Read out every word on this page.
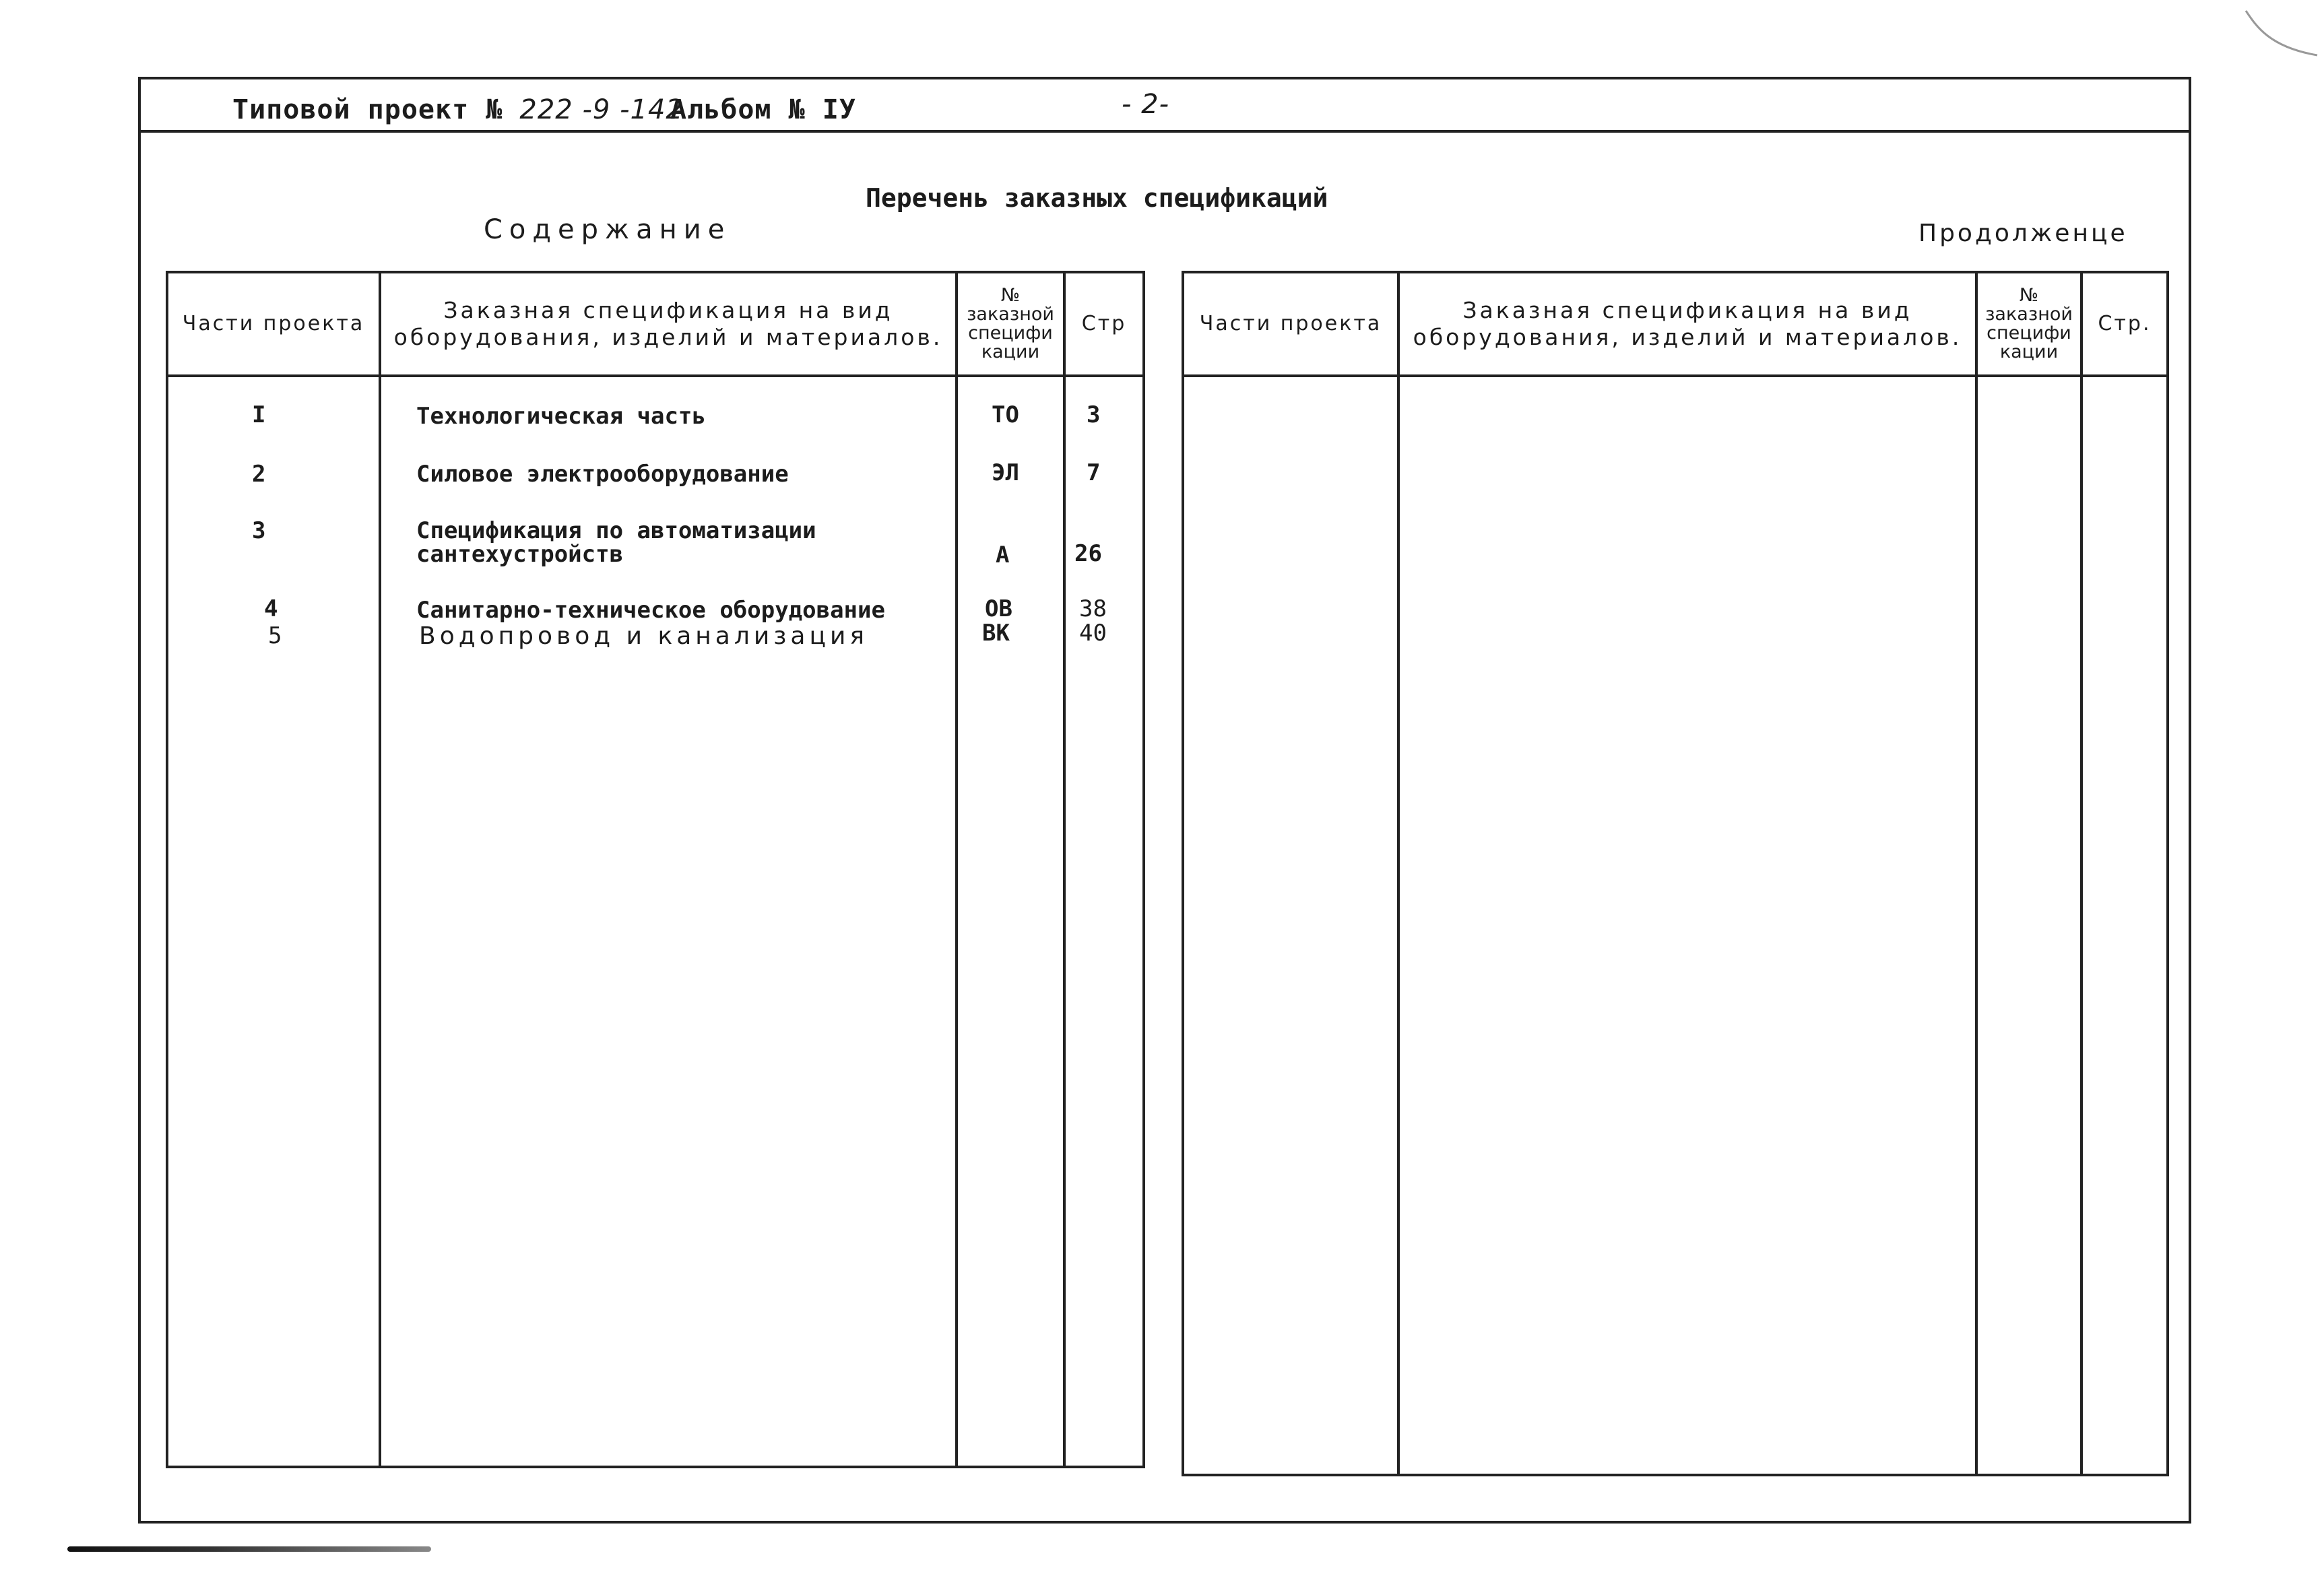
Типовой проект № 222 -9 -142
Альбом № IУ	- 2-
Перечень заказных спецификаций
Содержание	Продолженце
Части проекта	Заказная спецификация на вид оборудования, изделий и материалов.	№
заказной
специфи
кации	Стр

I	Технологическая часть	ТО	3
2	Силовое электрооборудование	ЭЛ	7
3	Спецификация по автоматизации
сантехустройств	А	26
4	Санитарно-техническое оборудование	ОВ	38
5	Водопровод и канализация	ВК	40
Части проекта	Заказная спецификация на вид оборудования, изделий и материалов.	№
заказной
специфи
кации	Стр.
